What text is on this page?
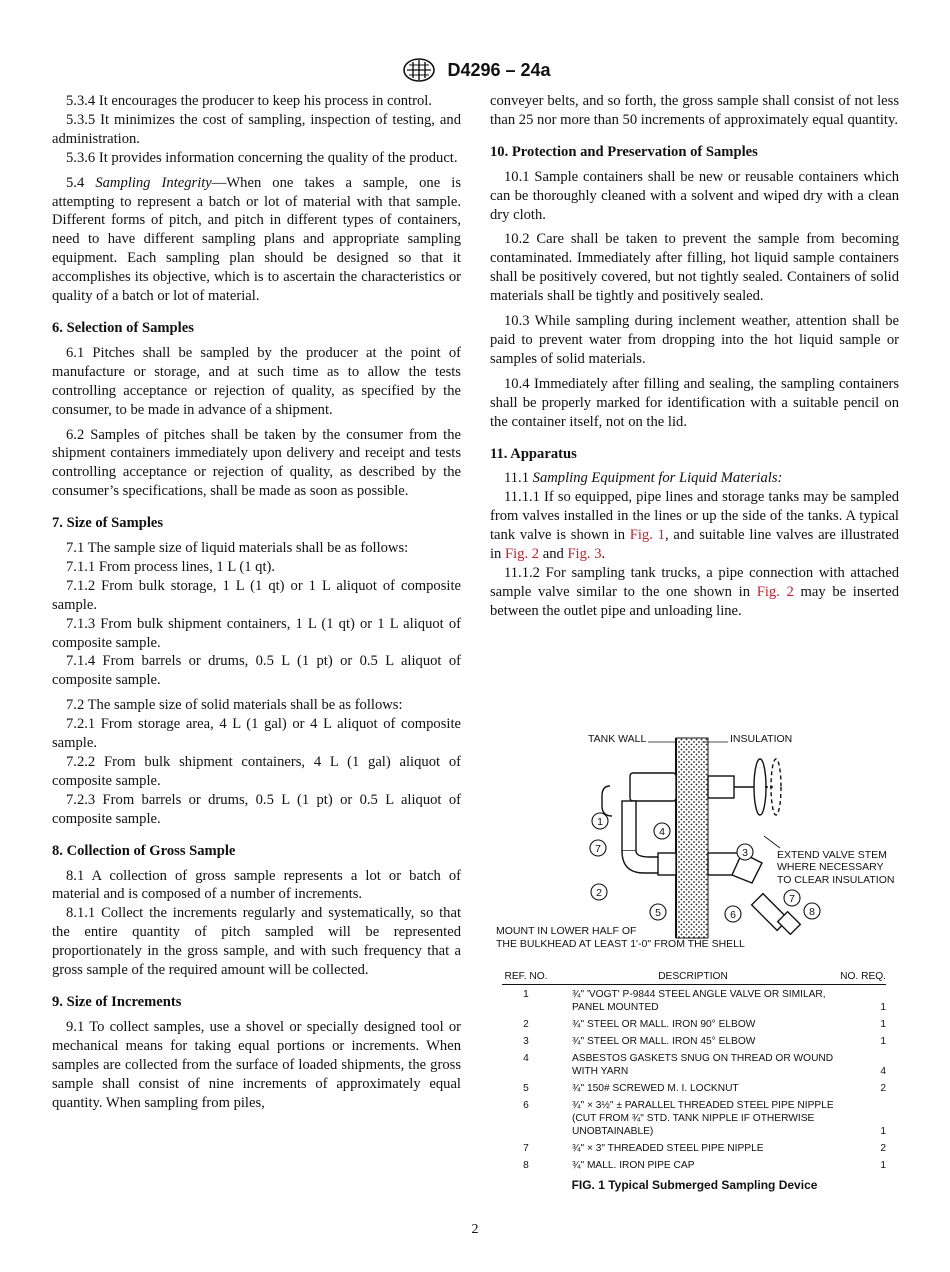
D4296 – 24a

5.3.4 It encourages the producer to keep his process in control.

5.3.5 It minimizes the cost of sampling, inspection of testing, and administration.

5.3.6 It provides information concerning the quality of the product.

5.4 Sampling Integrity—When one takes a sample, one is attempting to represent a batch or lot of material with that sample. Different forms of pitch, and pitch in different types of containers, need to have different sampling plans and appropriate sampling equipment. Each sampling plan should be designed so that it accomplishes its objective, which is to ascertain the characteristics or quality of a batch or lot of material.

6. Selection of Samples

6.1 Pitches shall be sampled by the producer at the point of manufacture or storage, and at such time as to allow the tests controlling acceptance or rejection of quality, as specified by the consumer, to be made in advance of a shipment.

6.2 Samples of pitches shall be taken by the consumer from the shipment containers immediately upon delivery and receipt and tests controlling acceptance or rejection of quality, as described by the consumer’s specifications, shall be made as soon as possible.

7. Size of Samples

7.1 The sample size of liquid materials shall be as follows:

7.1.1 From process lines, 1 L (1 qt).

7.1.2 From bulk storage, 1 L (1 qt) or 1 L aliquot of composite sample.

7.1.3 From bulk shipment containers, 1 L (1 qt) or 1 L aliquot of composite sample.

7.1.4 From barrels or drums, 0.5 L (1 pt) or 0.5 L aliquot of composite sample.

7.2 The sample size of solid materials shall be as follows:

7.2.1 From storage area, 4 L (1 gal) or 4 L aliquot of composite sample.

7.2.2 From bulk shipment containers, 4 L (1 gal) aliquot of composite sample.

7.2.3 From barrels or drums, 0.5 L (1 pt) or 0.5 L aliquot of composite sample.

8. Collection of Gross Sample

8.1 A collection of gross sample represents a lot or batch of material and is composed of a number of increments.

8.1.1 Collect the increments regularly and systematically, so that the entire quantity of pitch sampled will be represented proportionately in the gross sample, and with such frequency that a gross sample of the required amount will be collected.

9. Size of Increments

9.1 To collect samples, use a shovel or specially designed tool or mechanical means for taking equal portions or increments. When samples are collected from the surface of loaded shipments, the gross sample shall consist of nine increments of approximately equal quantity. When sampling from piles,

conveyer belts, and so forth, the gross sample shall consist of not less than 25 nor more than 50 increments of approximately equal quantity.

10. Protection and Preservation of Samples

10.1 Sample containers shall be new or reusable containers which can be thoroughly cleaned with a solvent and wiped dry with a clean dry cloth.

10.2 Care shall be taken to prevent the sample from becoming contaminated. Immediately after filling, hot liquid sample containers shall be positively covered, but not tightly sealed. Containers of solid materials shall be tightly and positively sealed.

10.3 While sampling during inclement weather, attention shall be paid to prevent water from dropping into the hot liquid sample or samples of solid materials.

10.4 Immediately after filling and sealing, the sampling containers shall be properly marked for identification with a suitable pencil on the container itself, not on the lid.

11. Apparatus

11.1 Sampling Equipment for Liquid Materials:

11.1.1 If so equipped, pipe lines and storage tanks may be sampled from valves installed in the lines or up the side of the tanks. A typical tank valve is shown in Fig. 1, and suitable line valves are illustrated in Fig. 2 and Fig. 3.

11.1.2 For sampling tank trucks, a pipe connection with attached sample valve similar to the one shown in Fig. 2 may be inserted between the outlet pipe and unloading line.

1
7
2
4
3
5	6
7
8
TANK WALL	INSULATION
EXTEND VALVE STEM
WHERE NECESSARY
TO CLEAR INSULATION
MOUNT IN LOWER HALF OF
THE BULKHEAD AT LEAST 1'-0" FROM THE SHELL
REF. NO.	DESCRIPTION	NO. REQ.
1	¾" 'VOGT' P-9844 STEEL ANGLE VALVE OR SIMILAR, PANEL MOUNTED	1
2	¾" STEEL OR MALL. IRON 90° ELBOW	1
3	¾" STEEL OR MALL. IRON 45° ELBOW	1
4	ASBESTOS GASKETS SNUG ON THREAD OR WOUND WITH YARN	4
5	¾" 150# SCREWED M. I. LOCKNUT	2
6	¾" × 3½" ± PARALLEL THREADED STEEL PIPE NIPPLE (CUT FROM ¾" STD. TANK NIPPLE IF OTHERWISE UNOBTAINABLE)	1
7	¾" × 3" THREADED STEEL PIPE NIPPLE	2
8	¾" MALL. IRON PIPE CAP	1
FIG. 1 Typical Submerged Sampling Device
2
